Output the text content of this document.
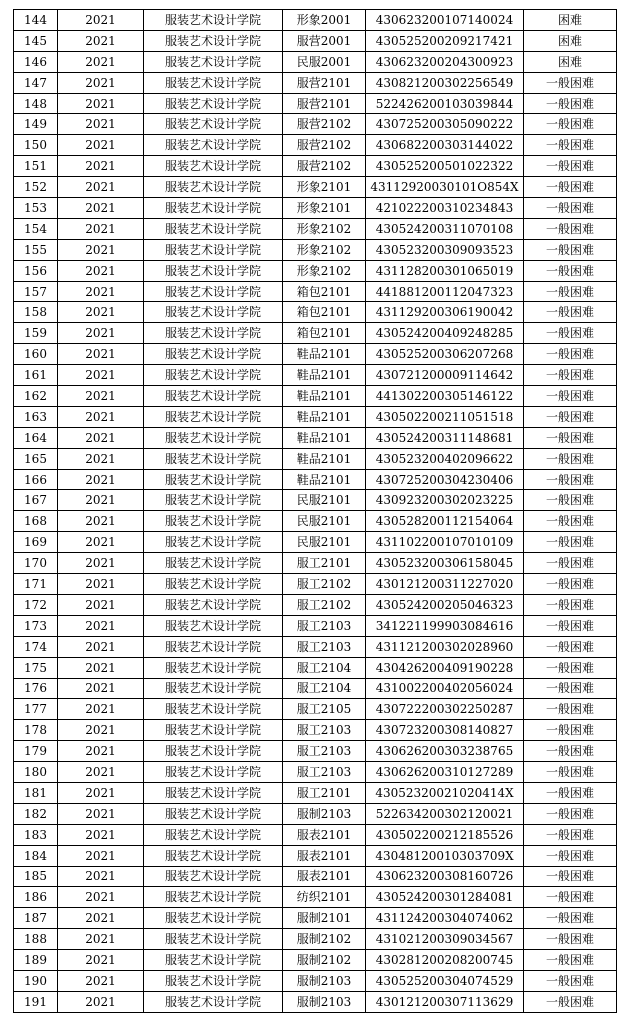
144	2021	服装艺术设计学院	形象2001	430623200107140024	困难
145	2021	服装艺术设计学院	服营2001	430525200209217421	困难
146	2021	服装艺术设计学院	民服2001	430623200204300923	困难
147	2021	服装艺术设计学院	服营2101	430821200302256549	一般困难
148	2021	服装艺术设计学院	服营2101	522426200103039844	一般困难
149	2021	服装艺术设计学院	服营2102	430725200305090222	一般困难
150	2021	服装艺术设计学院	服营2102	430682200303144022	一般困难
151	2021	服装艺术设计学院	服营2102	430525200501022322	一般困难
152	2021	服装艺术设计学院	形象2101	43112920030101O854X	一般困难
153	2021	服装艺术设计学院	形象2101	421022200310234843	一般困难
154	2021	服装艺术设计学院	形象2102	430524200311070108	一般困难
155	2021	服装艺术设计学院	形象2102	430523200309093523	一般困难
156	2021	服装艺术设计学院	形象2102	431128200301065019	一般困难
157	2021	服装艺术设计学院	箱包2101	441881200112047323	一般困难
158	2021	服装艺术设计学院	箱包2101	431129200306190042	一般困难
159	2021	服装艺术设计学院	箱包2101	430524200409248285	一般困难
160	2021	服装艺术设计学院	鞋品2101	430525200306207268	一般困难
161	2021	服装艺术设计学院	鞋品2101	430721200009114642	一般困难
162	2021	服装艺术设计学院	鞋品2101	441302200305146122	一般困难
163	2021	服装艺术设计学院	鞋品2101	430502200211051518	一般困难
164	2021	服装艺术设计学院	鞋品2101	430524200311148681	一般困难
165	2021	服装艺术设计学院	鞋品2101	430523200402096622	一般困难
166	2021	服装艺术设计学院	鞋品2101	430725200304230406	一般困难
167	2021	服装艺术设计学院	民服2101	430923200302023225	一般困难
168	2021	服装艺术设计学院	民服2101	430528200112154064	一般困难
169	2021	服装艺术设计学院	民服2101	431102200107010109	一般困难
170	2021	服装艺术设计学院	服工2101	430523200306158045	一般困难
171	2021	服装艺术设计学院	服工2102	430121200311227020	一般困难
172	2021	服装艺术设计学院	服工2102	430524200205046323	一般困难
173	2021	服装艺术设计学院	服工2103	341221199903084616	一般困难
174	2021	服装艺术设计学院	服工2103	431121200302028960	一般困难
175	2021	服装艺术设计学院	服工2104	430426200409190228	一般困难
176	2021	服装艺术设计学院	服工2104	431002200402056024	一般困难
177	2021	服装艺术设计学院	服工2105	430722200302250287	一般困难
178	2021	服装艺术设计学院	服工2103	430723200308140827	一般困难
179	2021	服装艺术设计学院	服工2103	430626200303238765	一般困难
180	2021	服装艺术设计学院	服工2103	430626200310127289	一般困难
181	2021	服装艺术设计学院	服工2101	43052320021020414X	一般困难
182	2021	服装艺术设计学院	服制2103	522634200302120021	一般困难
183	2021	服装艺术设计学院	服表2101	430502200212185526	一般困难
184	2021	服装艺术设计学院	服表2101	43048120010303709X	一般困难
185	2021	服装艺术设计学院	服表2101	430623200308160726	一般困难
186	2021	服装艺术设计学院	纺织2101	430524200301284081	一般困难
187	2021	服装艺术设计学院	服制2101	431124200304074062	一般困难
188	2021	服装艺术设计学院	服制2102	431021200309034567	一般困难
189	2021	服装艺术设计学院	服制2102	430281200208200745	一般困难
190	2021	服装艺术设计学院	服制2103	430525200304074529	一般困难
191	2021	服装艺术设计学院	服制2103	430121200307113629	一般困难
